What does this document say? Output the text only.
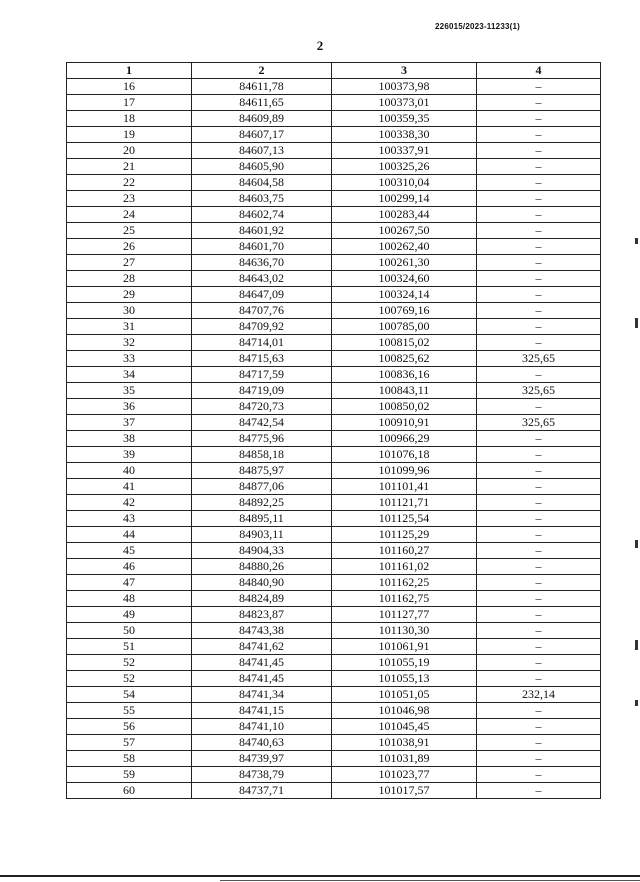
226015/2023-11233(1)
2
1	2	3	4
16	84611,78	100373,98	–
17	84611,65	100373,01	–
18	84609,89	100359,35	–
19	84607,17	100338,30	–
20	84607,13	100337,91	–
21	84605,90	100325,26	–
22	84604,58	100310,04	–
23	84603,75	100299,14	–
24	84602,74	100283,44	–
25	84601,92	100267,50	–
26	84601,70	100262,40	–
27	84636,70	100261,30	–
28	84643,02	100324,60	–
29	84647,09	100324,14	–
30	84707,76	100769,16	–
31	84709,92	100785,00	–
32	84714,01	100815,02	–
33	84715,63	100825,62	325,65
34	84717,59	100836,16	–
35	84719,09	100843,11	325,65
36	84720,73	100850,02	–
37	84742,54	100910,91	325,65
38	84775,96	100966,29	–
39	84858,18	101076,18	–
40	84875,97	101099,96	–
41	84877,06	101101,41	–
42	84892,25	101121,71	–
43	84895,11	101125,54	–
44	84903,11	101125,29	–
45	84904,33	101160,27	–
46	84880,26	101161,02	–
47	84840,90	101162,25	–
48	84824,89	101162,75	–
49	84823,87	101127,77	–
50	84743,38	101130,30	–
51	84741,62	101061,91	–
52	84741,45	101055,19	–
52	84741,45	101055,13	–
54	84741,34	101051,05	232,14
55	84741,15	101046,98	–
56	84741,10	101045,45	–
57	84740,63	101038,91	–
58	84739,97	101031,89	–
59	84738,79	101023,77	–
60	84737,71	101017,57	–
